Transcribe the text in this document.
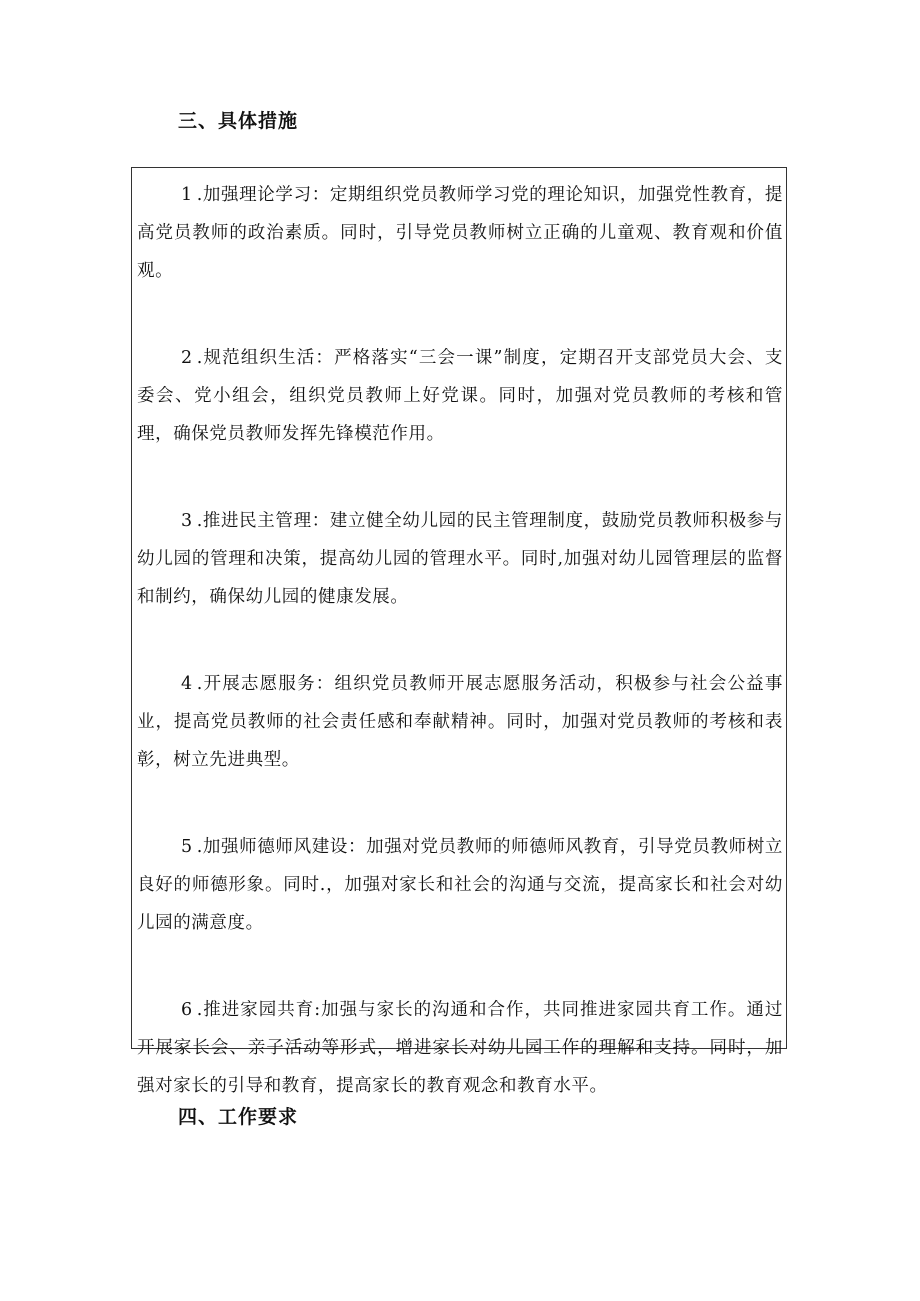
三、具体措施

1 .加强理论学习：定期组织党员教师学习党的理论知识，加强党性教育，提高党员教师的政治素质。同时，引导党员教师树立正确的儿童观、教育观和价值观。

2 .规范组织生活：严格落实“三会一课”制度，定期召开支部党员大会、支委会、党小组会，组织党员教师上好党课。同时，加强对党员教师的考核和管理，确保党员教师发挥先锋模范作用。

3 .推进民主管理：建立健全幼儿园的民主管理制度，鼓励党员教师积极参与幼儿园的管理和决策，提高幼儿园的管理水平。同时,加强对幼儿园管理层的监督和制约，确保幼儿园的健康发展。

4 .开展志愿服务：组织党员教师开展志愿服务活动，积极参与社会公益事业，提高党员教师的社会责任感和奉献精神。同时，加强对党员教师的考核和表彰，树立先进典型。

5 .加强师德师风建设：加强对党员教师的师德师风教育，引导党员教师树立良好的师德形象。同时.，加强对家长和社会的沟通与交流，提高家长和社会对幼儿园的满意度。

6 .推进家园共育:加强与家长的沟通和合作，共同推进家园共育工作。通过开展家长会、亲子活动等形式，增进家长对幼儿园工作的理解和支持。同时，加强对家长的引导和教育，提高家长的教育观念和教育水平。

四、工作要求
